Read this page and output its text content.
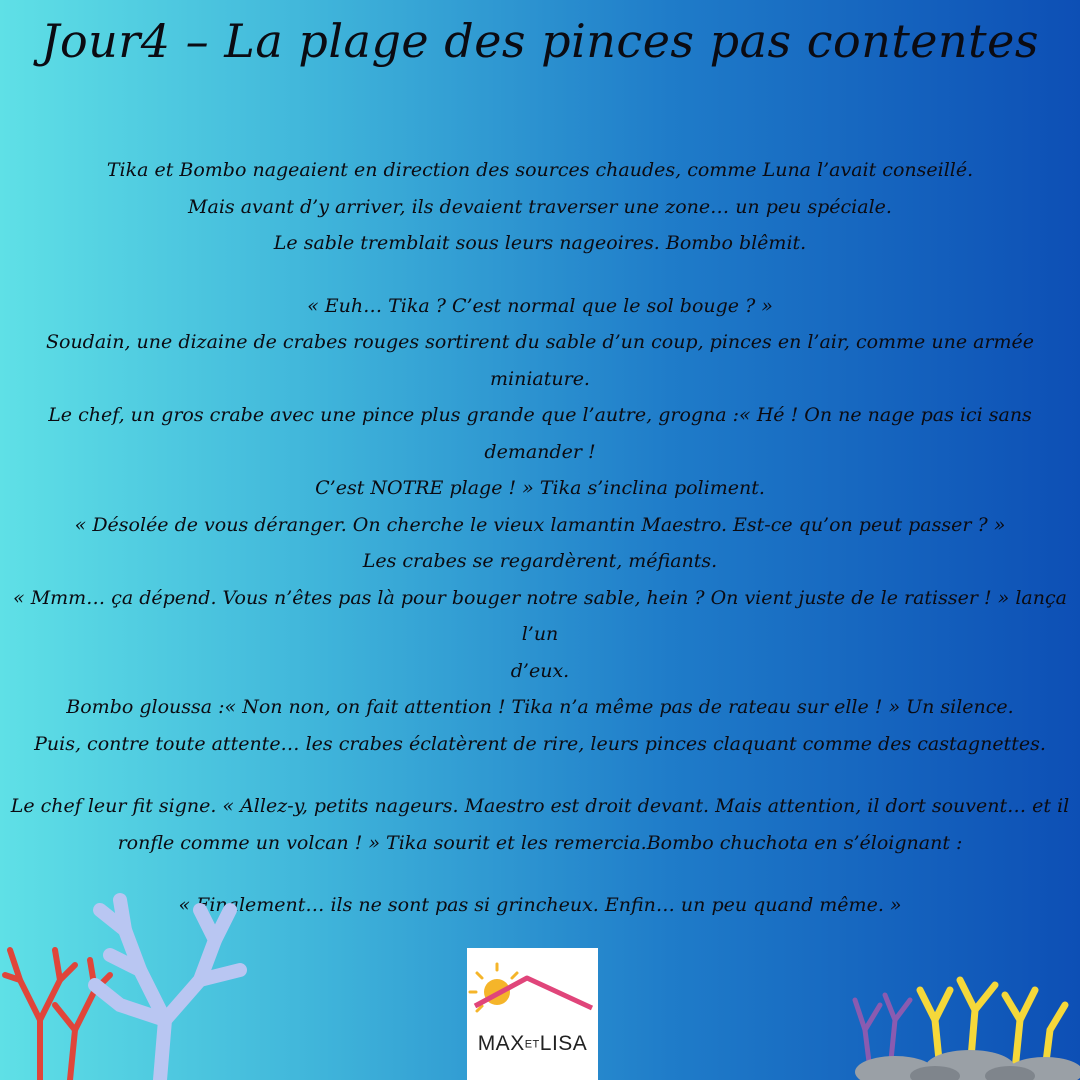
Jour4 – La plage des pinces pas contentes

Tika et Bombo nageaient en direction des sources chaudes, comme Luna l’avait conseillé.

Mais avant d’y arriver, ils devaient traverser une zone… un peu spéciale.

Le sable tremblait sous leurs nageoires. Bombo blêmit.

« Euh… Tika ? C’est normal que le sol bouge ? »

Soudain, une dizaine de crabes rouges sortirent du sable d’un coup, pinces en l’air, comme une armée miniature.

Le chef, un gros crabe avec une pince plus grande que l’autre, grogna :« Hé ! On ne nage pas ici sans demander !

C’est NOTRE plage ! » Tika s’inclina poliment.

« Désolée de vous déranger. On cherche le vieux lamantin Maestro. Est-ce qu’on peut passer ? »

Les crabes se regardèrent, méfiants.

« Mmm… ça dépend. Vous n’êtes pas là pour bouger notre sable, hein ? On vient juste de le ratisser ! » lança l’un

d’eux.

Bombo gloussa :« Non non, on fait attention ! Tika n’a même pas de rateau sur elle ! » Un silence.

Puis, contre toute attente… les crabes éclatèrent de rire, leurs pinces claquant comme des castagnettes.

Le chef leur fit signe. « Allez-y, petits nageurs. Maestro est droit devant. Mais attention, il dort souvent… et il

ronfle comme un volcan ! » Tika sourit et les remercia.Bombo chuchota en s’éloignant :

« Finalement… ils ne sont pas si grincheux. Enfin… un peu quand même. »

MAXETLISA
